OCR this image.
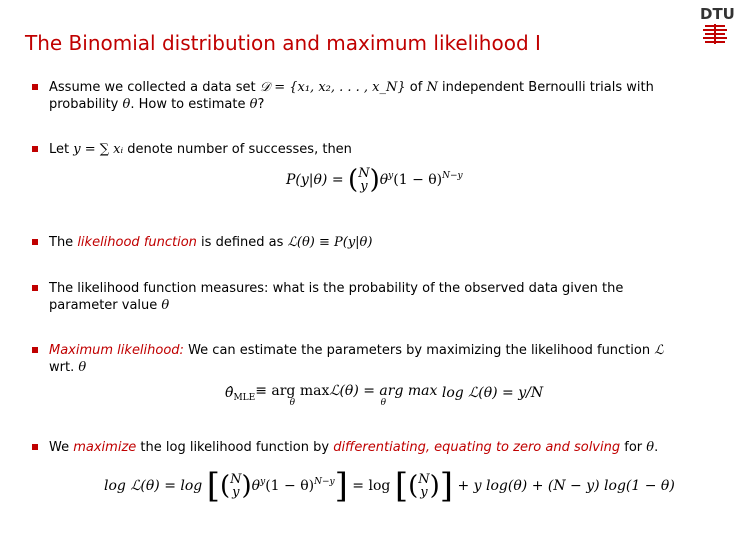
DTU
The Binomial distribution and maximum likelihood I
Assume we collected a data set 𝒟 = {x₁, x₂, . . . , x_N} of N independent Bernoulli trials with
probability θ. How to estimate θ?
Let y = ∑ xᵢ denote number of successes, then
P(y|θ) = (N
$y)\theta^y(1 - \theta)^{N-y}$
The likelihood function is defined as ℒ(θ) ≡ P(y|θ)
The likelihood function measures: what is the probability of the observed data given the
parameter value θ
Maximum likelihood: We can estimate the parameters by maximizing the likelihood function ℒ
wrt. θ
$\thetâ_{MLE}\equiv$ arg max
θ
ℒ(θ) = arg max
θ
log ℒ(θ) = y/N
We maximize the log likelihood function by differentiating, equating to zero and solving for θ.
log ℒ(θ) = log [(N
$y)\theta^y(1 - \theta)^{N-y}] = \log [(N$
y)] + y log(θ) + (N − y) log(1 − θ)
